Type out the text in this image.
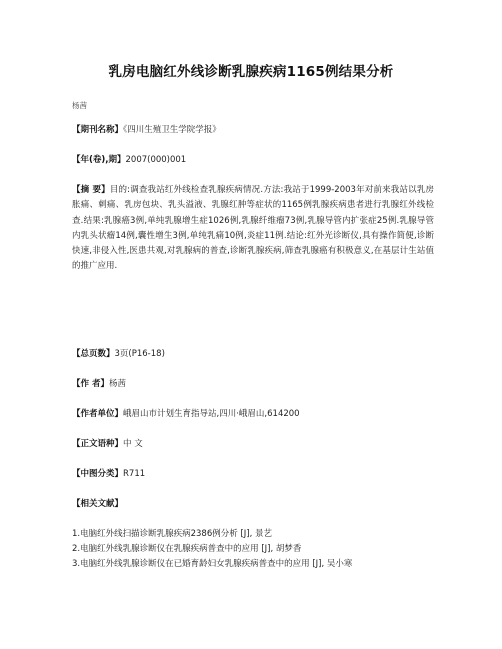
乳房电脑红外线诊断乳腺疾病1165例结果分析
杨茜
【期刊名称】《四川生殖卫生学院学报》
【年(卷),期】2007(000)001
【摘 要】目的:调查我站红外线检查乳腺疾病情况.方法:我站于1999-2003年对前来我站以乳房胀痛、刺痛、乳房包块、乳头溢液、乳腺红肿等症状的1165例乳腺疾病患者进行乳腺红外线检查.结果:乳腺癌3例,单纯乳腺增生症1026例,乳腺纤维瘤73例,乳腺导管内扩张症25例.乳腺导管内乳头状瘤14例,囊性增生3例,单纯乳痛10例,炎症11例.结论:红外光诊断仪,具有操作简便,诊断快速,非侵入性,医患共观,对乳腺病的普查,诊断乳腺疾病,筛查乳腺癌有积极意义,在基层计生站值的推广应用.
【总页数】3页(P16-18)
【作 者】杨茜
【作者单位】峨眉山市计划生育指导站,四川·峨眉山,614200
【正文语种】中 文
【中图分类】R711
【相关文献】
1.电脑红外线扫描诊断乳腺疾病2386例分析 [J], 景艺
2.电脑红外线乳腺诊断仪在乳腺疾病普查中的应用 [J], 胡梦香
3.电脑红外线乳腺诊断仪在已婚育龄妇女乳腺疾病普查中的应用 [J], 吴小寒
